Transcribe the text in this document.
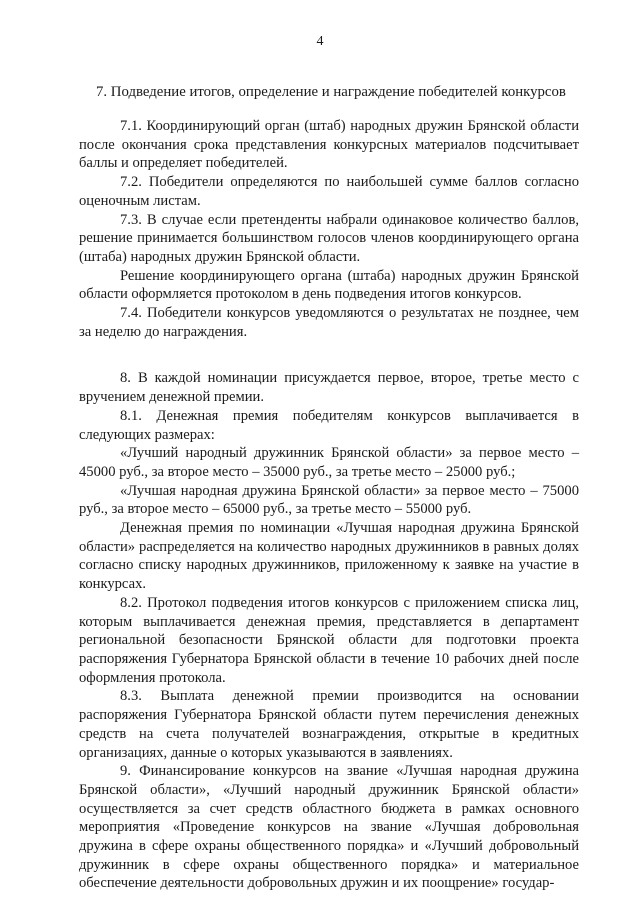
4
7. Подведение итогов, определение и награждение победителей конкурсов

7.1. Координирующий орган (штаб) народных дружин Брянской области после окончания срока представления конкурсных материалов подсчитывает баллы и определяет победителей.

7.2. Победители определяются по наибольшей сумме баллов согласно оценочным листам.

7.3. В случае если претенденты набрали одинаковое количество баллов, решение принимается большинством голосов членов координирующего органа (штаба) народных дружин Брянской области.

Решение координирующего органа (штаба) народных дружин Брянской области оформляется протоколом в день подведения итогов конкурсов.

7.4. Победители конкурсов уведомляются о результатах не позднее, чем за неделю до награждения.

8. В каждой номинации присуждается первое, второе, третье место с вручением денежной премии.

8.1. Денежная премия победителям конкурсов выплачивается в следующих размерах:

«Лучший народный дружинник Брянской области» за первое место – 45000 руб., за второе место – 35000 руб., за третье место – 25000 руб.;

«Лучшая народная дружина Брянской области» за первое место – 75000 руб., за второе место – 65000 руб., за третье место – 55000 руб.

Денежная премия по номинации «Лучшая народная дружина Брянской области» распределяется на количество народных дружинников в равных долях согласно списку народных дружинников, приложенному к заявке на участие в конкурсах.

8.2. Протокол подведения итогов конкурсов с приложением списка лиц, которым выплачивается денежная премия, представляется в департамент региональной безопасности Брянской области для подготовки проекта распоряжения Губернатора Брянской области в течение 10 рабочих дней после оформления протокола.

8.3. Выплата денежной премии производится на основании распоряжения Губернатора Брянской области путем перечисления денежных средств на счета получателей вознаграждения, открытые в кредитных организациях, данные о которых указываются в заявлениях.

9. Финансирование конкурсов на звание «Лучшая народная дружина Брянской области», «Лучший народный дружинник Брянской области» осуществляется за счет средств областного бюджета в рамках основного мероприятия «Проведение конкурсов на звание «Лучшая добровольная дружина в сфере охраны общественного порядка» и «Лучший добровольный дружинник в сфере охраны общественного порядка» и материальное обеспечение деятельности добровольных дружин и их поощрение» государ-
